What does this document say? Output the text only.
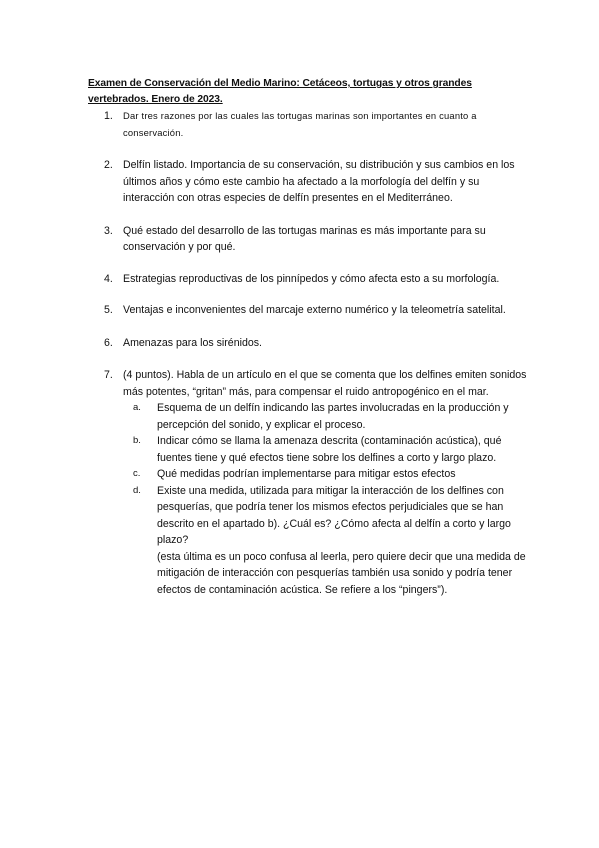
Examen de Conservación del Medio Marino: Cetáceos, tortugas y otros grandes vertebrados. Enero de 2023.
1. Dar tres razones por las cuales las tortugas marinas son importantes en cuanto a conservación.
2. Delfín listado. Importancia de su conservación, su distribución y sus cambios en los últimos años y cómo este cambio ha afectado a la morfología del delfín y su interacción con otras especies de delfín presentes en el Mediterráneo.
3. Qué estado del desarrollo de las tortugas marinas es más importante para su conservación y por qué.
4. Estrategias reproductivas de los pinnípedos y cómo afecta esto a su morfología.
5. Ventajas e inconvenientes del marcaje externo numérico y la teleometría satelital.
6. Amenazas para los sirénidos.
7. (4 puntos). Habla de un artículo en el que se comenta que los delfines emiten sonidos más potentes, “gritan” más, para compensar el ruido antropogénico en el mar.
a. Esquema de un delfín indicando las partes involucradas en la producción y percepción del sonido, y explicar el proceso.
b. Indicar cómo se llama la amenaza descrita (contaminación acústica), qué fuentes tiene y qué efectos tiene sobre los delfines a corto y largo plazo.
c. Qué medidas podrían implementarse para mitigar estos efectos
d. Existe una medida, utilizada para mitigar la interacción de los delfines con pesquerías, que podría tener los mismos efectos perjudiciales que se han descrito en el apartado b). ¿Cuál es? ¿Cómo afecta al delfín a corto y largo plazo?
(esta última es un poco confusa al leerla, pero quiere decir que una medida de mitigación de interacción con pesquerías también usa sonido y podría tener efectos de contaminación acústica. Se refiere a los “pingers”).
